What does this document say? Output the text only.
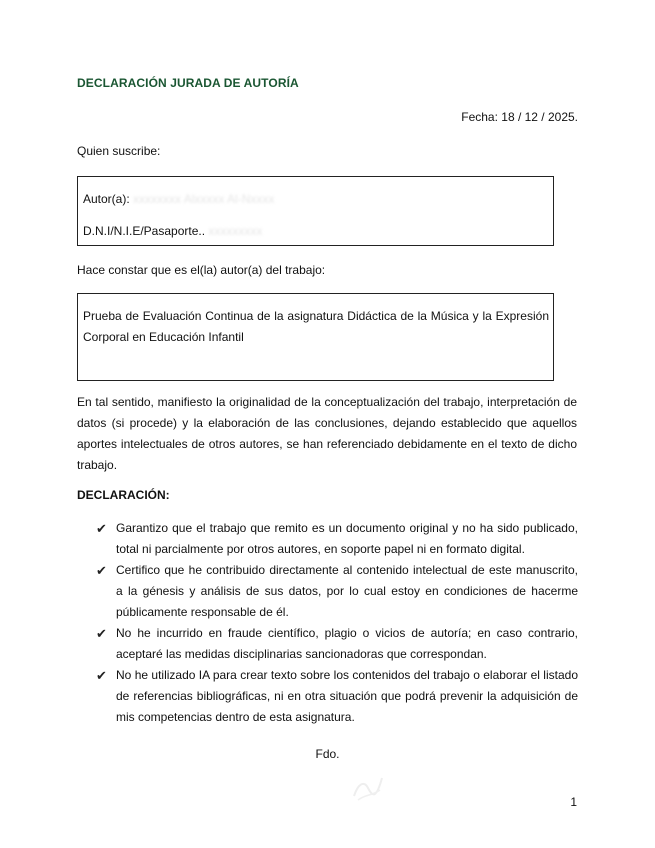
DECLARACIÓN JURADA DE AUTORÍA
Fecha: 18 / 12 / 2025.
Quien suscribe:
Autor(a): xxxxxxxx Alxxxxx Al-Nxxxx
D.N.I/N.I.E/Pasaporte.. xxxxxxxxx
Hace constar que es el(la) autor(a) del trabajo:
Prueba de Evaluación Continua de la asignatura Didáctica de la Música y la Expresión Corporal en Educación Infantil
En tal sentido, manifiesto la originalidad de la conceptualización del trabajo, interpretación de datos (si procede) y la elaboración de las conclusiones, dejando establecido que aquellos aportes intelectuales de otros autores, se han referenciado debidamente en el texto de dicho trabajo.
DECLARACIÓN:
✔ Garantizo que el trabajo que remito es un documento original y no ha sido publicado, total ni parcialmente por otros autores, en soporte papel ni en formato digital.
✔ Certifico que he contribuido directamente al contenido intelectual de este manuscrito, a la génesis y análisis de sus datos, por lo cual estoy en condiciones de hacerme públicamente responsable de él.
✔ No he incurrido en fraude científico, plagio o vicios de autoría; en caso contrario, aceptaré las medidas disciplinarias sancionadoras que correspondan.
✔ No he utilizado IA para crear texto sobre los contenidos del trabajo o elaborar el listado de referencias bibliográficas, ni en otra situación que podrá prevenir la adquisición de mis competencias dentro de esta asignatura.
Fdo.
1
